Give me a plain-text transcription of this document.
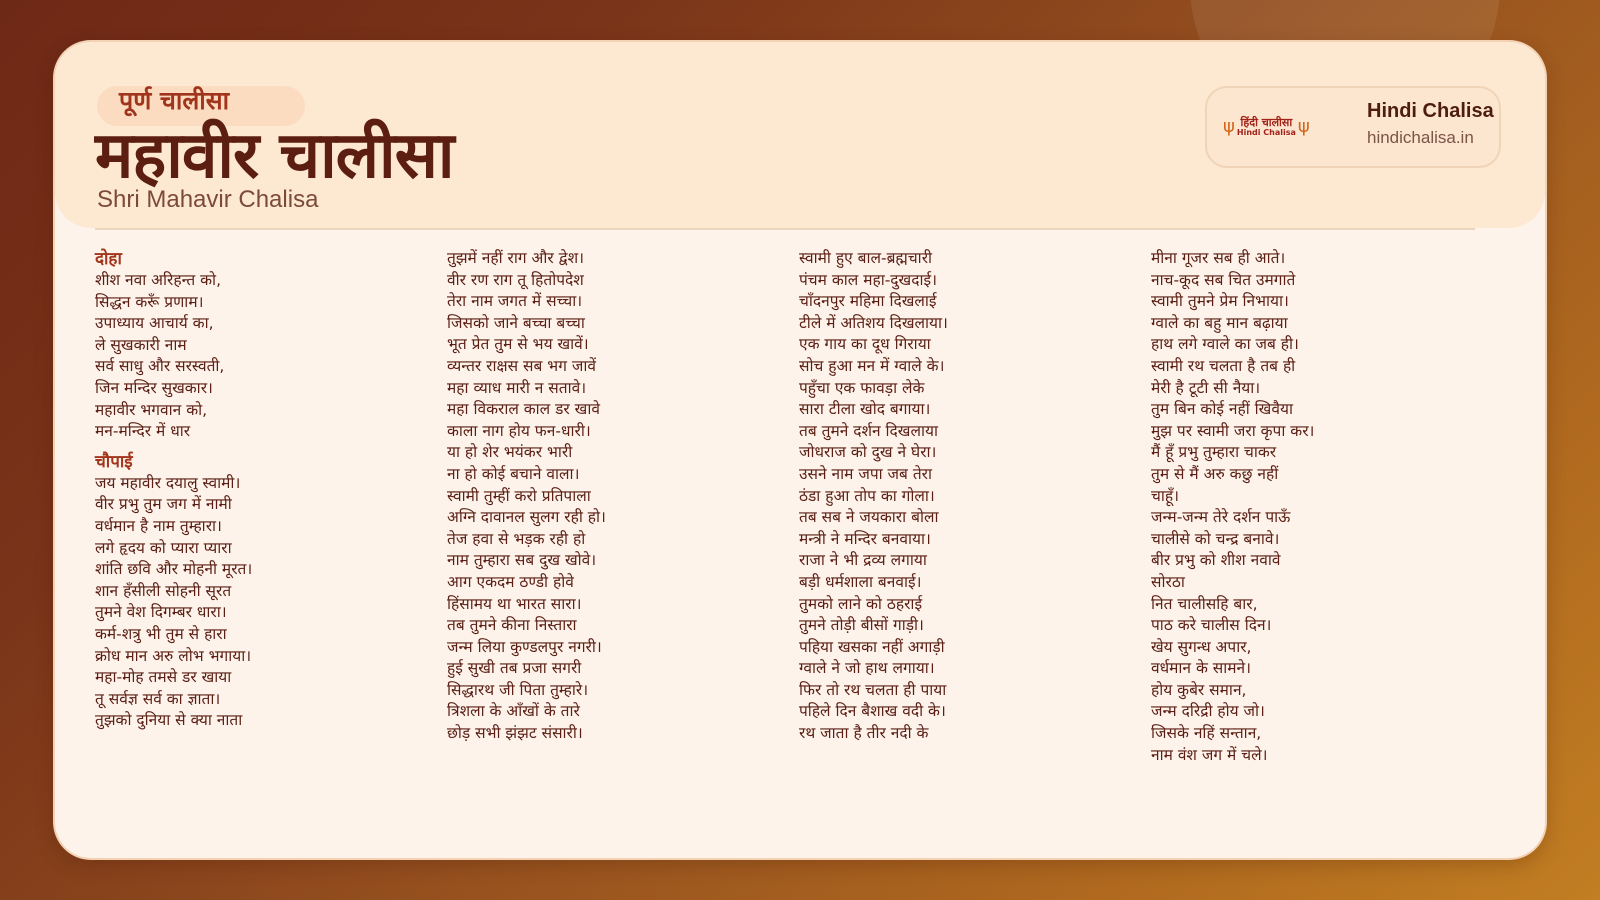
पूर्ण चालीसा
महावीर चालीसा
Shri Mahavir Chalisa
ψ हिंदी चालीसा
Hindi Chalisa ψ
Hindi Chalisa
hindichalisa.in
दोहा
शीश नवा अरिहन्त को,
सिद्धन करूँ प्रणाम।
उपाध्याय आचार्य का,
ले सुखकारी नाम
सर्व साधु और सरस्वती,
जिन मन्दिर सुखकार।
महावीर भगवान को,
मन-मन्दिर में धार
चौपाई
जय महावीर दयालु स्वामी।
वीर प्रभु तुम जग में नामी
वर्धमान है नाम तुम्हारा।
लगे हृदय को प्यारा प्यारा
शांति छवि और मोहनी मूरत।
शान हँसीली सोहनी सूरत
तुमने वेश दिगम्बर धारा।
कर्म-शत्रु भी तुम से हारा
क्रोध मान अरु लोभ भगाया।
महा-मोह तमसे डर खाया
तू सर्वज्ञ सर्व का ज्ञाता।
तुझको दुनिया से क्या नाता
तुझमें नहीं राग और द्वेश।
वीर रण राग तू हितोपदेश
तेरा नाम जगत में सच्चा।
जिसको जाने बच्चा बच्चा
भूत प्रेत तुम से भय खावें।
व्यन्तर राक्षस सब भग जावें
महा व्याध मारी न सतावे।
महा विकराल काल डर खावे
काला नाग होय फन-धारी।
या हो शेर भयंकर भारी
ना हो कोई बचाने वाला।
स्वामी तुम्हीं करो प्रतिपाला
अग्नि दावानल सुलग रही हो।
तेज हवा से भड़क रही हो
नाम तुम्हारा सब दुख खोवे।
आग एकदम ठण्डी होवे
हिंसामय था भारत सारा।
तब तुमने कीना निस्तारा
जन्म लिया कुण्डलपुर नगरी।
हुई सुखी तब प्रजा सगरी
सिद्धारथ जी पिता तुम्हारे।
त्रिशला के आँखों के तारे
छोड़ सभी झंझट संसारी।
स्वामी हुए बाल-ब्रह्मचारी
पंचम काल महा-दुखदाई।
चाँदनपुर महिमा दिखलाई
टीले में अतिशय दिखलाया।
एक गाय का दूध गिराया
सोच हुआ मन में ग्वाले के।
पहुँचा एक फावड़ा लेके
सारा टीला खोद बगाया।
तब तुमने दर्शन दिखलाया
जोधराज को दुख ने घेरा।
उसने नाम जपा जब तेरा
ठंडा हुआ तोप का गोला।
तब सब ने जयकारा बोला
मन्त्री ने मन्दिर बनवाया।
राजा ने भी द्रव्य लगाया
बड़ी धर्मशाला बनवाई।
तुमको लाने को ठहराई
तुमने तोड़ी बीसों गाड़ी।
पहिया खसका नहीं अगाड़ी
ग्वाले ने जो हाथ लगाया।
फिर तो रथ चलता ही पाया
पहिले दिन बैशाख वदी के।
रथ जाता है तीर नदी के
मीना गूजर सब ही आते।
नाच-कूद सब चित उमगाते
स्वामी तुमने प्रेम निभाया।
ग्वाले का बहु मान बढ़ाया
हाथ लगे ग्वाले का जब ही।
स्वामी रथ चलता है तब ही
मेरी है टूटी सी नैया।
तुम बिन कोई नहीं खिवैया
मुझ पर स्वामी जरा कृपा कर।
मैं हूँ प्रभु तुम्हारा चाकर
तुम से मैं अरु कछु नहीं
चाहूँ।
जन्म-जन्म तेरे दर्शन पाऊँ
चालीसे को चन्द्र बनावे।
बीर प्रभु को शीश नवावे
सोरठा
नित चालीसहि बार,
पाठ करे चालीस दिन।
खेय सुगन्ध अपार,
वर्धमान के सामने।
होय कुबेर समान,
जन्म दरिद्री होय जो।
जिसके नहिं सन्तान,
नाम वंश जग में चले।
